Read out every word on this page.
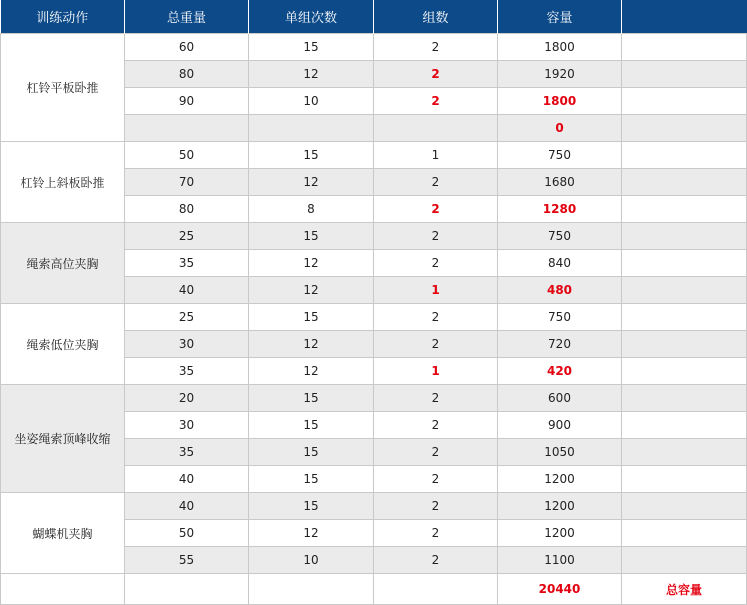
训练动作	总重量	单组次数	组数	容量	
杠铃平板卧推	60	15	2	1800	
	80	12	2	1920	
	90	10	2	1800	
				0	
杠铃上斜板卧推	50	15	1	750	
	70	12	2	1680	
	80	8	2	1280	
绳索高位夹胸	25	15	2	750	
	35	12	2	840	
	40	12	1	480	
绳索低位夹胸	25	15	2	750	
	30	12	2	720	
	35	12	1	420	
坐姿绳索顶峰收缩	20	15	2	600	
	30	15	2	900	
	35	15	2	1050	
	40	15	2	1200	
蝴蝶机夹胸	40	15	2	1200	
	50	12	2	1200	
	55	10	2	1100	
				20440	总容量
